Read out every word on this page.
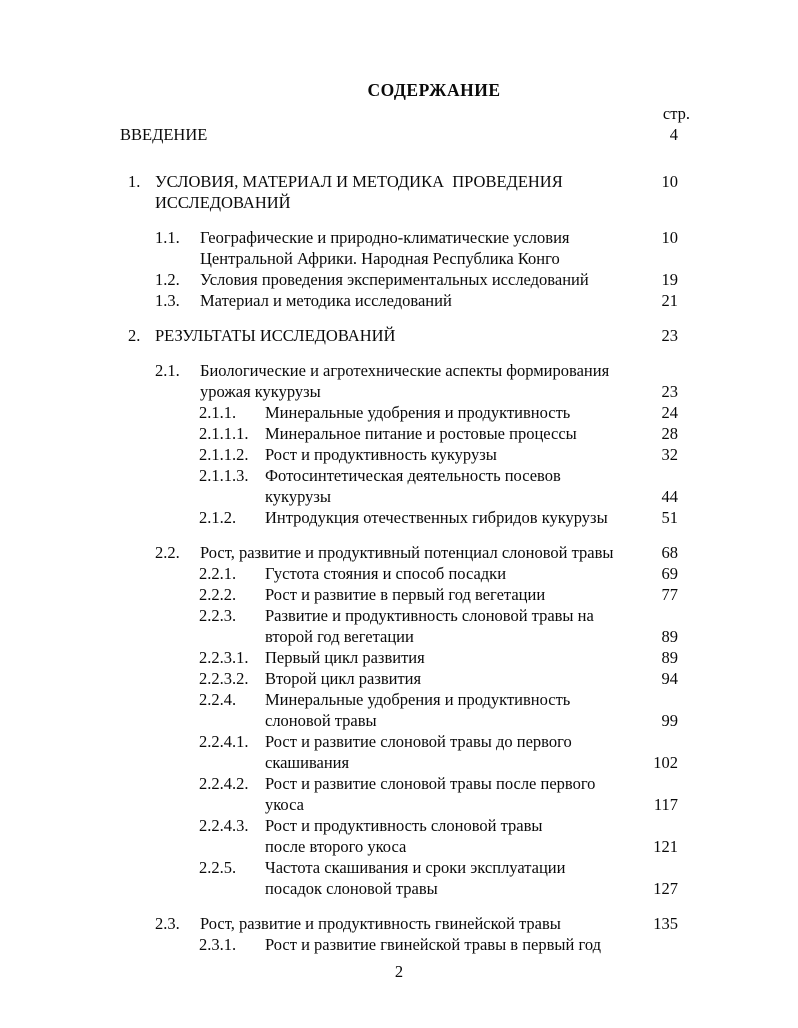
СОДЕРЖАНИЕ
стр.
ВВЕДЕНИЕ	4
1. УСЛОВИЯ, МАТЕРИАЛ И МЕТОДИКА  ПРОВЕДЕНИЯ	10
ИССЛЕДОВАНИЙ
1.1. Географические и природно-климатические условия	10
Центральной Африки. Народная Республика Конго
1.2. Условия проведения экспериментальных исследований	19
1.3. Материал и методика исследований	21
2. РЕЗУЛЬТАТЫ ИССЛЕДОВАНИЙ	23
2.1. Биологические и агротехнические аспекты формирования
урожая кукурузы	23
2.1.1. Минеральные удобрения и продуктивность	24
2.1.1.1. Минеральное питание и ростовые процессы	28
2.1.1.2. Рост и продуктивность кукурузы	32
2.1.1.3. Фотосинтетическая деятельность посевов
кукурузы	44
2.1.2. Интродукция отечественных гибридов кукурузы	51
2.2. Рост, развитие и продуктивный потенциал слоновой травы	68
2.2.1. Густота стояния и способ посадки	69
2.2.2. Рост и развитие в первый год вегетации	77
2.2.3. Развитие и продуктивность слоновой травы на
второй год вегетации	89
2.2.3.1. Первый цикл развития	89
2.2.3.2. Второй цикл развития	94
2.2.4. Минеральные удобрения и продуктивность
слоновой травы	99
2.2.4.1. Рост и развитие слоновой травы до первого
скашивания	102
2.2.4.2. Рост и развитие слоновой травы после первого
укоса	117
2.2.4.3. Рост и продуктивность слоновой травы
после второго укоса	121
2.2.5. Частота скашивания и сроки эксплуатации
посадок слоновой травы	127
2.3. Рост, развитие и продуктивность гвинейской травы	135
2.3.1. Рост и развитие гвинейской травы в первый год
2
